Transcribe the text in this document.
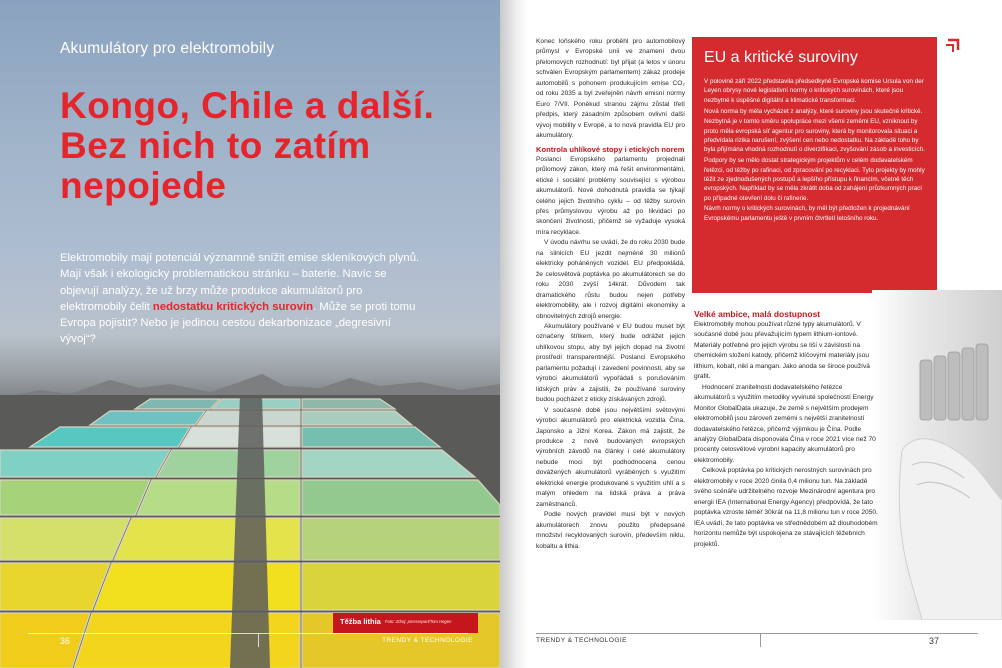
Akumulátory pro elektromobily
Kongo, Chile a další. Bez nich to zatím nepojede

Elektromobily mají potenciál významně snížit emise skleníkových plynů. Mají však i ekologicky problematickou stránku – baterie. Navíc se objevují analýzy, že už brzy může produkce akumulátorů pro elektromobily čelit nedostatku kritických surovin. Může se proti tomu Evropa pojistit? Nebo je jedinou cestou dekarbonizace „degresivní vývoj“?

Těžba lithia Foto: Zdroj: pressreport/Tom Hegen
36	TRENDY & TECHNOLOGIE

Konec loňského roku proběhl pro automobilový průmysl v Evropské unii ve znamení dvou přelomových rozhodnutí: byl přijat (a letos v únoru schválen Evropským parlamentem) zákaz prodeje automobilů s pohonem produkujícím emise CO₂ od roku 2035 a byl zveřejněn návrh emisní normy Euro 7/VII. Poněkud stranou zájmu zůstal třetí předpis, který zásadním způsobem ovlivní další vývoj mobility v Evropě, a to nová pravidla EU pro akumulátory.

Kontrola uhlíkové stopy i etických norem

Poslanci Evropského parlamentu projednali průlomový zákon, který má řešit environmentální, etické i sociální problémy související s výrobou akumulátorů. Nové dohodnutá pravidla se týkají celého jejich životního cyklu – od těžby surovin přes průmyslovou výrobu až po likvidaci po skončení životnosti, přičemž se vyžaduje vysoká míra recyklace.

V úvodu návrhu se uvádí, že do roku 2030 bude na silnicích EU jezdit nejméně 30 milionů elektricky poháněných vozidel. EU předpokládá, že celosvětová poptávka po akumulátorech se do roku 2030 zvýší 14krát. Důvodem tak dramatického růstu budou nejen potřeby elektromobility, ale i rozvoj digitální ekonomiky a obnovitelných zdrojů energie.

Akumulátory používané v EU budou muset být označeny štítkem, který bude odrážet jejich uhlíkovou stopu, aby byl jejich dopad na životní prostředí transparentnější. Poslanci Evropského parlamentu požadují i zavedení povinnosti, aby se výrobci akumulátorů vypořádali s porušováním lidských práv a zajistili, že používané suroviny budou pocházet z eticky získávaných zdrojů.

V současné době jsou největšími světovými výrobci akumulátorů pro elektrická vozidla Čína, Japonsko a Jižní Korea. Zákon má zajistit, že produkce z nově budovaných evropských výrobních závodů na články i celé akumulátory nebude moci být podhodnocena cenou dovážených akumulátorů vyráběných s využitím elektrické energie produkované s využitím uhlí a s malým ohledem na lidská práva a práva zaměstnanců.

Podle nových pravidel musí být v nových akumulátorech znovu použito předepsané množství recyklovaných surovin, především niklu, kobaltu a lithia.

EU a kritické suroviny

V polovině září 2022 představila předsedkyně Evropské komise Ursula von der Leyen obrysy nové legislativní normy o kritických surovinách, které jsou nezbytné k úspěšné digitální a klimatické transformaci.

Nová norma by měla vycházet z analýzy, které suroviny jsou skutečně kritické.

Nezbytná je v tomto směru spolupráce mezi všemi zeměmi EU, vzniknout by proto měla evropská síť agentur pro suroviny, která by monitorovala situaci a předvídala rizika narušení, zvýšení cen nebo nedostatku. Na základě toho by byla přijímána vhodná rozhodnutí o diverzifikaci, zvyšování zásob a investicích.

Podpory by se mělo dostat strategickým projektům v celém dodavatelském řetězci, od těžby po rafinaci, od zpracování po recyklaci. Tyto projekty by mohly těžit ze zjednodušených postupů a lepšího přístupu k financím, včetně těch evropských. Například by se měla zkrátit doba od zahájení průzkumných prací po případné otevření dolu či rafinerie.

Návrh normy o kritických surovinách, by měl být předložen k projednávání Evropskému parlamentu ještě v prvním čtvrtletí letošního roku.

Velké ambice, malá dostupnost

Elektromobily mohou používat různé typy akumulátorů. V současné době jsou převažujícím typem lithium-iontové. Materiály potřebné pro jejich výrobu se liší v závislosti na chemickém složení katody, přičemž klíčovými materiály jsou lithium, kobalt, nikl a mangan. Jako anoda se široce používá grafit.

Hodnocení zranitelnosti dodavatelského řetězce akumulátorů s využitím metodiky vyvinuté společností Energy Monitor GlobalData ukazuje, že země s největším prodejem elektromobilů jsou zároveň zeměmi s největší zranitelností dodavatelského řetězce, přičemž výjimkou je Čína. Podle analýzy GlobalData disponovala Čína v roce 2021 více než 70 procenty celosvětové výrobní kapacity akumulátorů pro elektromobily.

Celková poptávka po kritických nerostných surovinách pro elektromobily v roce 2020 činila 0,4 milionu tun. Na základě svého scénáře udržitelného rozvoje Mezinárodní agentura pro energii IEA (International Energy Agency) předpovídá, že tato poptávka vzroste téměř 30krát na 11,8 milionu tun v roce 2050. IEA uvádí, že tato poptávka ve střednědobém až dlouhodobém horizontu nemůže být uspokojena ze stávajících těžebních projektů.

TRENDY & TECHNOLOGIE	37
